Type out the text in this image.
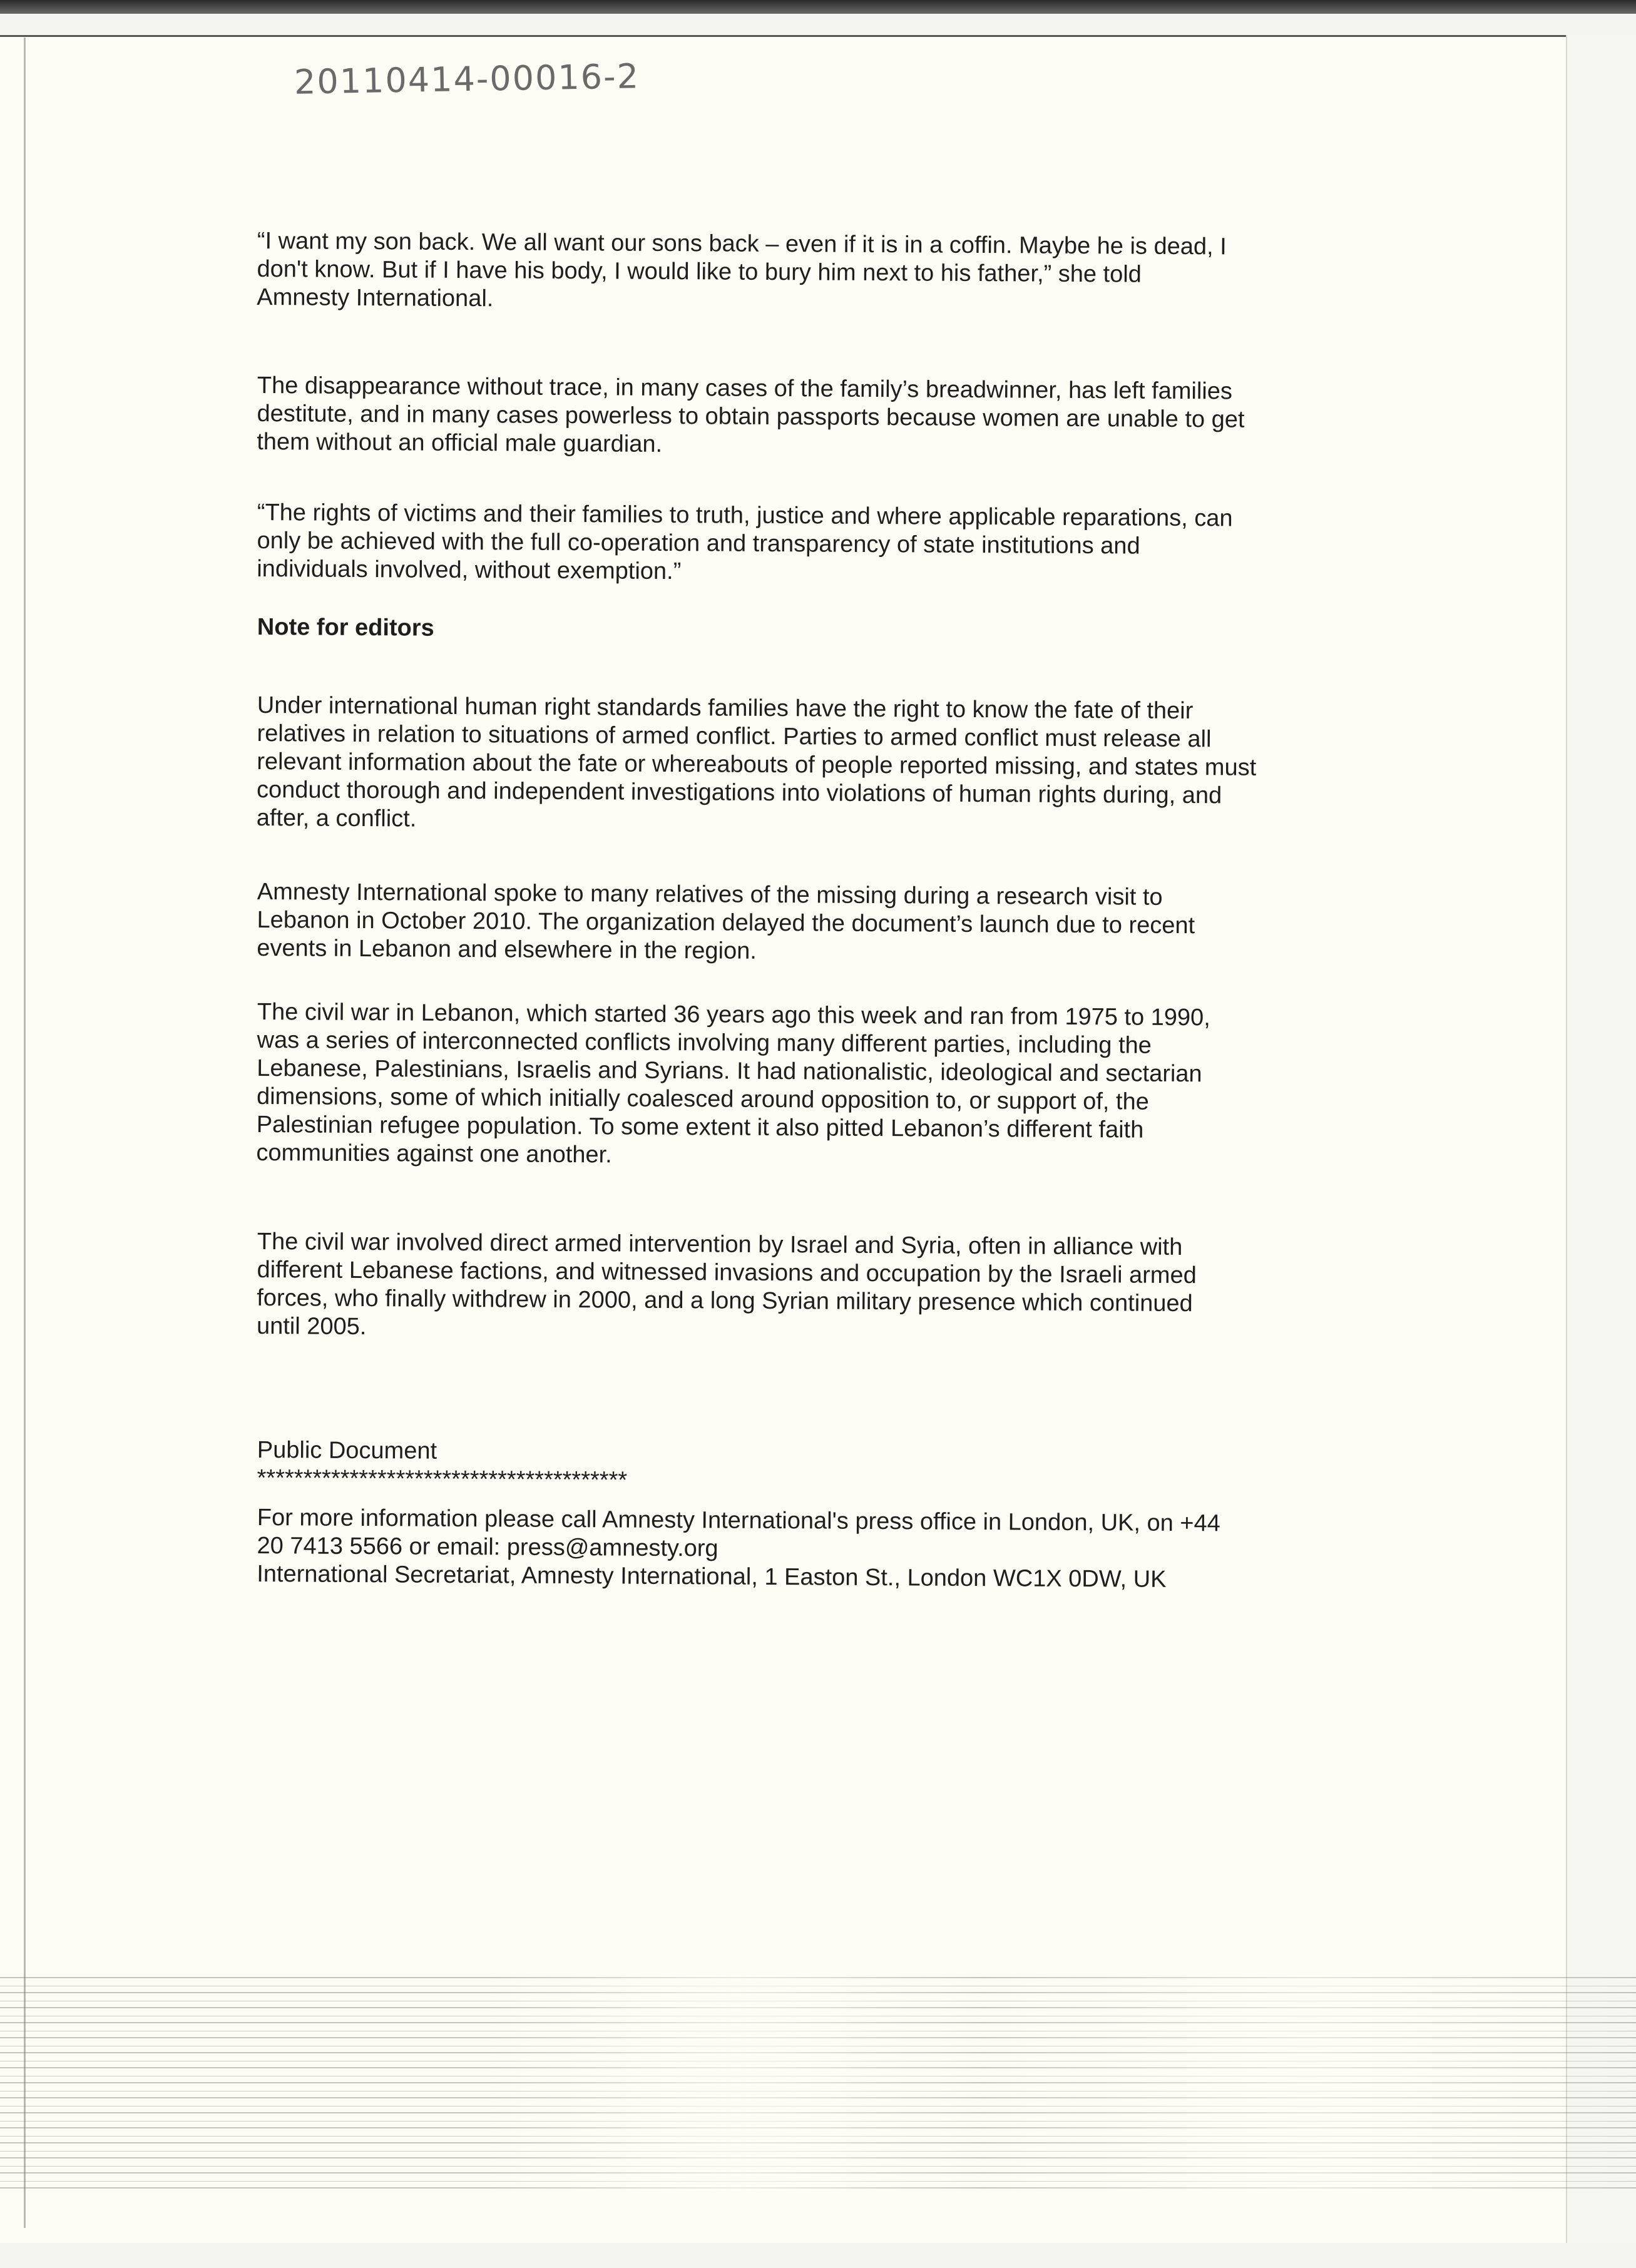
20110414-00016-2
“I want my son back. We all want our sons back – even if it is in a coffin. Maybe he is dead, I
don't know. But if I have his body, I would like to bury him next to his father,” she told
Amnesty International.
The disappearance without trace, in many cases of the family’s breadwinner, has left families
destitute, and in many cases powerless to obtain passports because women are unable to get
them without an official male guardian.
“The rights of victims and their families to truth, justice and where applicable reparations, can
only be achieved with the full co-operation and transparency of state institutions and
individuals involved, without exemption.”
Note for editors
Under international human right standards families have the right to know the fate of their
relatives in relation to situations of armed conflict. Parties to armed conflict must release all
relevant information about the fate or whereabouts of people reported missing, and states must
conduct thorough and independent investigations into violations of human rights during, and
after, a conflict.
Amnesty International spoke to many relatives of the missing during a research visit to
Lebanon in October 2010. The organization delayed the document’s launch due to recent
events in Lebanon and elsewhere in the region.
The civil war in Lebanon, which started 36 years ago this week and ran from 1975 to 1990,
was a series of interconnected conflicts involving many different parties, including the
Lebanese, Palestinians, Israelis and Syrians. It had nationalistic, ideological and sectarian
dimensions, some of which initially coalesced around opposition to, or support of, the
Palestinian refugee population. To some extent it also pitted Lebanon’s different faith
communities against one another.
The civil war involved direct armed intervention by Israel and Syria, often in alliance with
different Lebanese factions, and witnessed invasions and occupation by the Israeli armed
forces, who finally withdrew in 2000, and a long Syrian military presence which continued
until 2005.
Public Document
****************************************
For more information please call Amnesty International's press office in London, UK, on +44
20 7413 5566 or email: press@amnesty.org
International Secretariat, Amnesty International, 1 Easton St., London WC1X 0DW, UK
